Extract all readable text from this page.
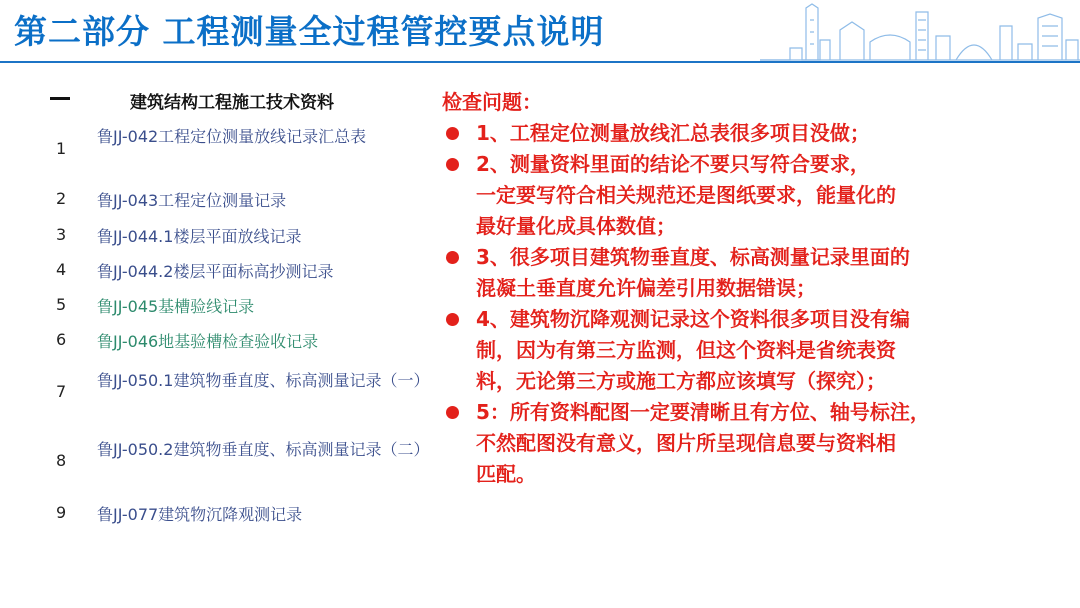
第二部分 工程测量全过程管控要点说明
建筑结构工程施工技术资料
1
鲁JJ-042工程定位测量放线记录汇总表
2 鲁JJ-043工程定位测量记录
3 鲁JJ-044.1楼层平面放线记录
4 鲁JJ-044.2楼层平面标高抄测记录
5 鲁JJ-045基槽验线记录
6 鲁JJ-046地基验槽检查验收记录
7
鲁JJ-050.1建筑物垂直度、标高测量记录（一）
8
鲁JJ-050.2建筑物垂直度、标高测量记录（二）
9 鲁JJ-077建筑物沉降观测记录
检查问题：
1、工程定位测量放线汇总表很多项目没做；
2、测量资料里面的结论不要只写符合要求，
一定要写符合相关规范还是图纸要求，能量化的
最好量化成具体数值；
3、很多项目建筑物垂直度、标高测量记录里面的
混凝土垂直度允许偏差引用数据错误；
4、建筑物沉降观测记录这个资料很多项目没有编
制，因为有第三方监测，但这个资料是省统表资
料，无论第三方或施工方都应该填写（探究）；
5：所有资料配图一定要清晰且有方位、轴号标注，
不然配图没有意义，图片所呈现信息要与资料相
匹配。
